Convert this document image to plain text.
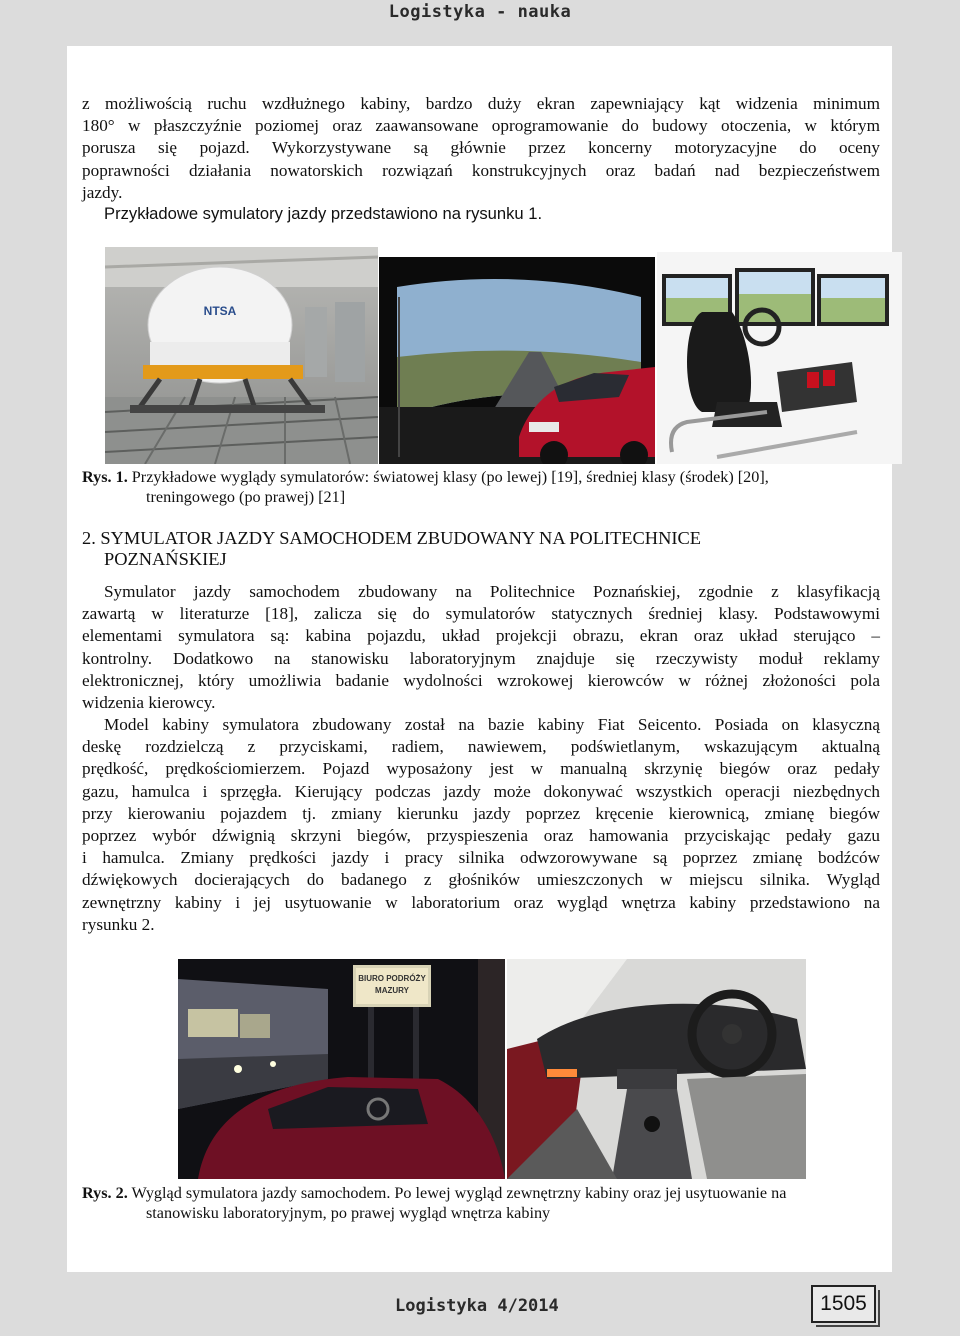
Logistyka - nauka

z możliwością ruchu wzdłużnego kabiny, bardzo duży ekran zapewniający kąt widzenia minimum
180° w płaszczyźnie poziomej oraz zaawansowane oprogramowanie do budowy otoczenia, w którym
porusza się pojazd. Wykorzystywane są głównie przez koncerny motoryzacyjne do oceny
poprawności działania nowatorskich rozwiązań konstrukcyjnych oraz badań nad bezpieczeństwem
jazdy.

Przykładowe symulatory jazdy przedstawiono na rysunku 1.

NTSA

Rys. 1. Przykładowe wyglądy symulatorów: światowej klasy (po lewej) [19], średniej klasy (środek) [20],
treningowego (po prawej) [21]

2. SYMULATOR JAZDY SAMOCHODEM ZBUDOWANY NA POLITECHNICE
POZNAŃSKIEJ

Symulator jazdy samochodem zbudowany na Politechnice Poznańskiej, zgodnie z klasyfikacją
zawartą w literaturze [18], zalicza się do symulatorów statycznych średniej klasy. Podstawowymi
elementami symulatora są: kabina pojazdu, układ projekcji obrazu, ekran oraz układ sterująco –
kontrolny. Dodatkowo na stanowisku laboratoryjnym znajduje się rzeczywisty moduł reklamy
elektronicznej, który umożliwia badanie wydolności wzrokowej kierowców w różnej złożoności pola
widzenia kierowcy.

Model kabiny symulatora zbudowany został na bazie kabiny Fiat Seicento. Posiada on klasyczną
deskę rozdzielczą z przyciskami, radiem, nawiewem, podświetlanym, wskazującym aktualną
prędkość, prędkościomierzem. Pojazd wyposażony jest w manualną skrzynię biegów oraz pedały
gazu, hamulca i sprzęgła. Kierujący podczas jazdy może dokonywać wszystkich operacji niezbędnych
przy kierowaniu pojazdem tj. zmiany kierunku jazdy poprzez kręcenie kierownicą, zmianę biegów
poprzez wybór dźwignią skrzyni biegów, przyspieszenia oraz hamowania przyciskając pedały gazu
i hamulca. Zmiany prędkości jazdy i pracy silnika odwzorowywane są poprzez zmianę bodźców
dźwiękowych docierających do badanego z głośników umieszczonych w miejscu silnika. Wygląd
zewnętrzny kabiny i jej usytuowanie w laboratorium oraz wygląd wnętrza kabiny przedstawiono na
rysunku 2.

BIURO PODRÓŻY
MAZURY

Rys. 2. Wygląd symulatora jazdy samochodem. Po lewej wygląd zewnętrzny kabiny oraz jej usytuowanie na
stanowisku laboratoryjnym, po prawej wygląd wnętrza kabiny

Logistyka 4/2014	1505
